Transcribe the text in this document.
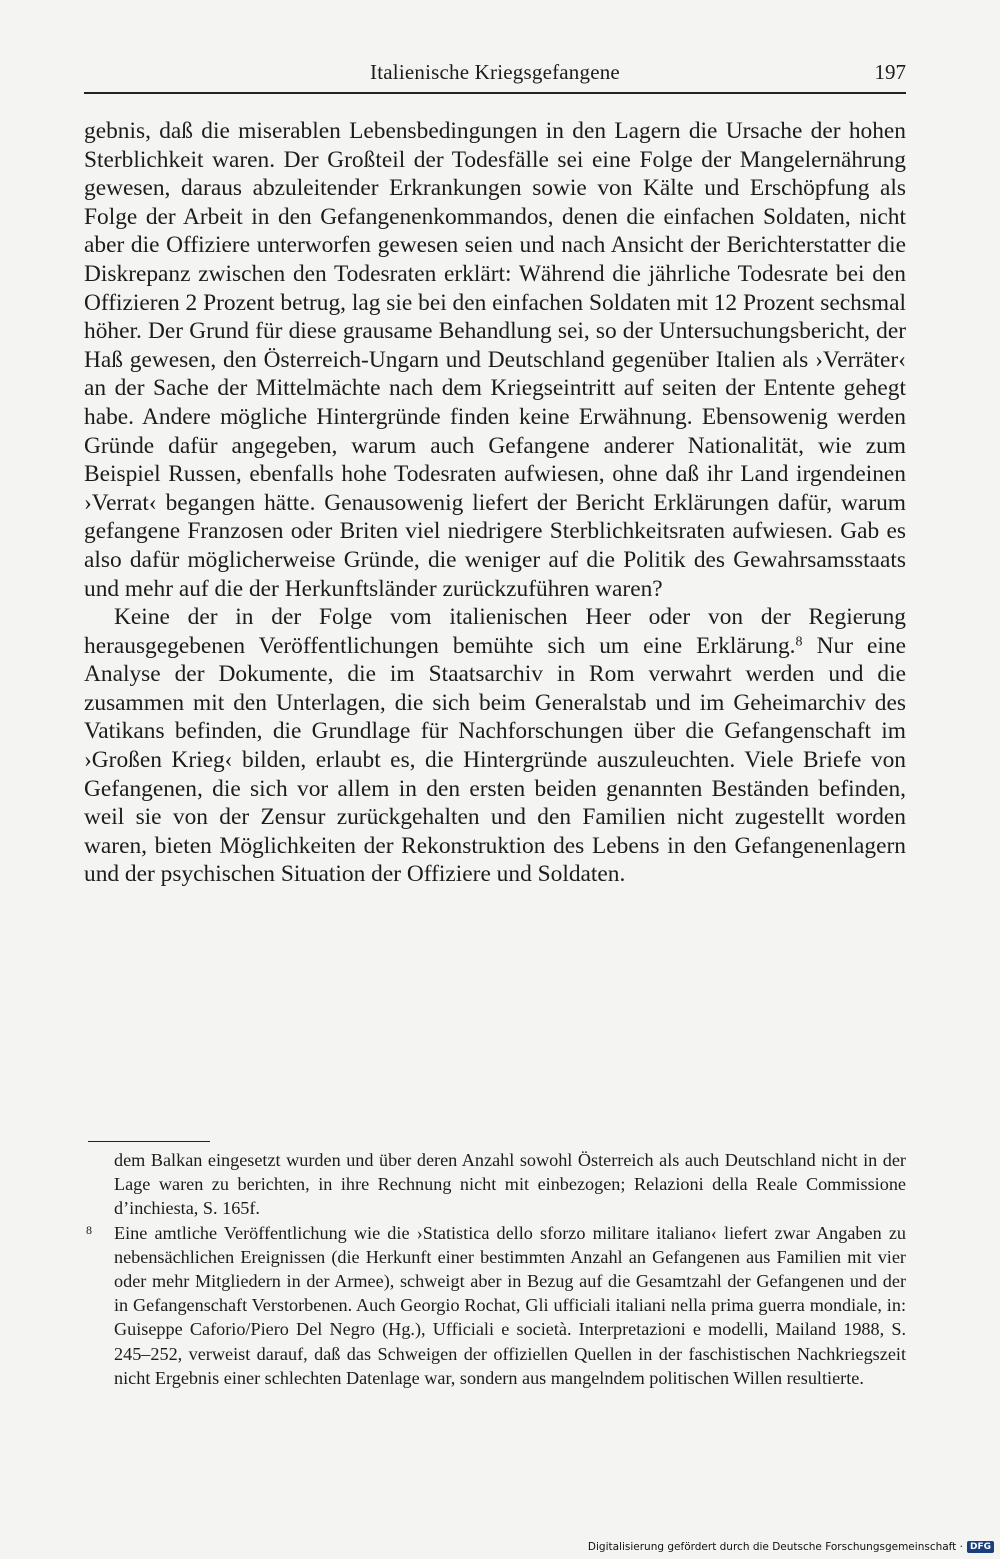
Italienische Kriegsgefangene	197

gebnis, daß die miserablen Lebensbedingungen in den Lagern die Ursache der hohen Sterblichkeit waren. Der Großteil der Todesfälle sei eine Folge der Mangelernährung gewesen, daraus abzuleitender Erkrankungen sowie von Kälte und Erschöpfung als Folge der Arbeit in den Gefangenenkommandos, denen die einfachen Soldaten, nicht aber die Offiziere unterworfen gewesen seien und nach Ansicht der Berichterstatter die Diskrepanz zwischen den Todesraten erklärt: Während die jährliche Todesrate bei den Offizieren 2 Prozent betrug, lag sie bei den einfachen Soldaten mit 12 Prozent sechsmal höher. Der Grund für diese grausame Behandlung sei, so der Untersuchungsbericht, der Haß gewesen, den Österreich-Ungarn und Deutschland gegenüber Italien als ›Verräter‹ an der Sache der Mittelmächte nach dem Kriegseintritt auf seiten der Entente gehegt habe. Andere mögliche Hintergründe finden keine Erwähnung. Ebensowenig werden Gründe dafür angegeben, warum auch Gefangene anderer Nationalität, wie zum Beispiel Russen, ebenfalls hohe Todesraten aufwiesen, ohne daß ihr Land irgendeinen ›Verrat‹ begangen hätte. Genausowenig liefert der Bericht Erklärungen dafür, warum gefangene Franzosen oder Briten viel niedrigere Sterblichkeitsraten aufwiesen. Gab es also dafür möglicherweise Gründe, die weniger auf die Politik des Gewahrsamsstaats und mehr auf die der Herkunftsländer zurückzuführen waren?

Keine der in der Folge vom italienischen Heer oder von der Regierung herausgegebenen Veröffentlichungen bemühte sich um eine Erklärung.$^8$ Nur eine Analyse der Dokumente, die im Staatsarchiv in Rom verwahrt werden und die zusammen mit den Unterlagen, die sich beim Generalstab und im Geheimarchiv des Vatikans befinden, die Grundlage für Nachforschungen über die Gefangenschaft im ›Großen Krieg‹ bilden, erlaubt es, die Hintergründe auszuleuchten. Viele Briefe von Gefangenen, die sich vor allem in den ersten beiden genannten Beständen befinden, weil sie von der Zensur zurückgehalten und den Familien nicht zugestellt worden waren, bieten Möglichkeiten der Rekonstruktion des Lebens in den Gefangenenlagern und der psychischen Situation der Offiziere und Soldaten.

dem Balkan eingesetzt wurden und über deren Anzahl sowohl Österreich als auch Deutschland nicht in der Lage waren zu berichten, in ihre Rechnung nicht mit einbezogen; Relazioni della Reale Commissione d’inchiesta, S. 165f.

8 Eine amtliche Veröffentlichung wie die ›Statistica dello sforzo militare italiano‹ liefert zwar Angaben zu nebensächlichen Ereignissen (die Herkunft einer bestimmten Anzahl an Gefangenen aus Familien mit vier oder mehr Mitgliedern in der Armee), schweigt aber in Bezug auf die Gesamtzahl der Gefangenen und der in Gefangenschaft Verstorbenen. Auch Georgio Rochat, Gli ufficiali italiani nella prima guerra mondiale, in: Guiseppe Caforio/Piero Del Negro (Hg.), Ufficiali e società. Interpretazioni e modelli, Mailand 1988, S. 245–252, verweist darauf, daß das Schweigen der offiziellen Quellen in der faschistischen Nachkriegszeit nicht Ergebnis einer schlechten Datenlage war, sondern aus mangelndem politischen Willen resultierte.

Digitalisierung gefördert durch die Deutsche Forschungsgemeinschaft · DFG
